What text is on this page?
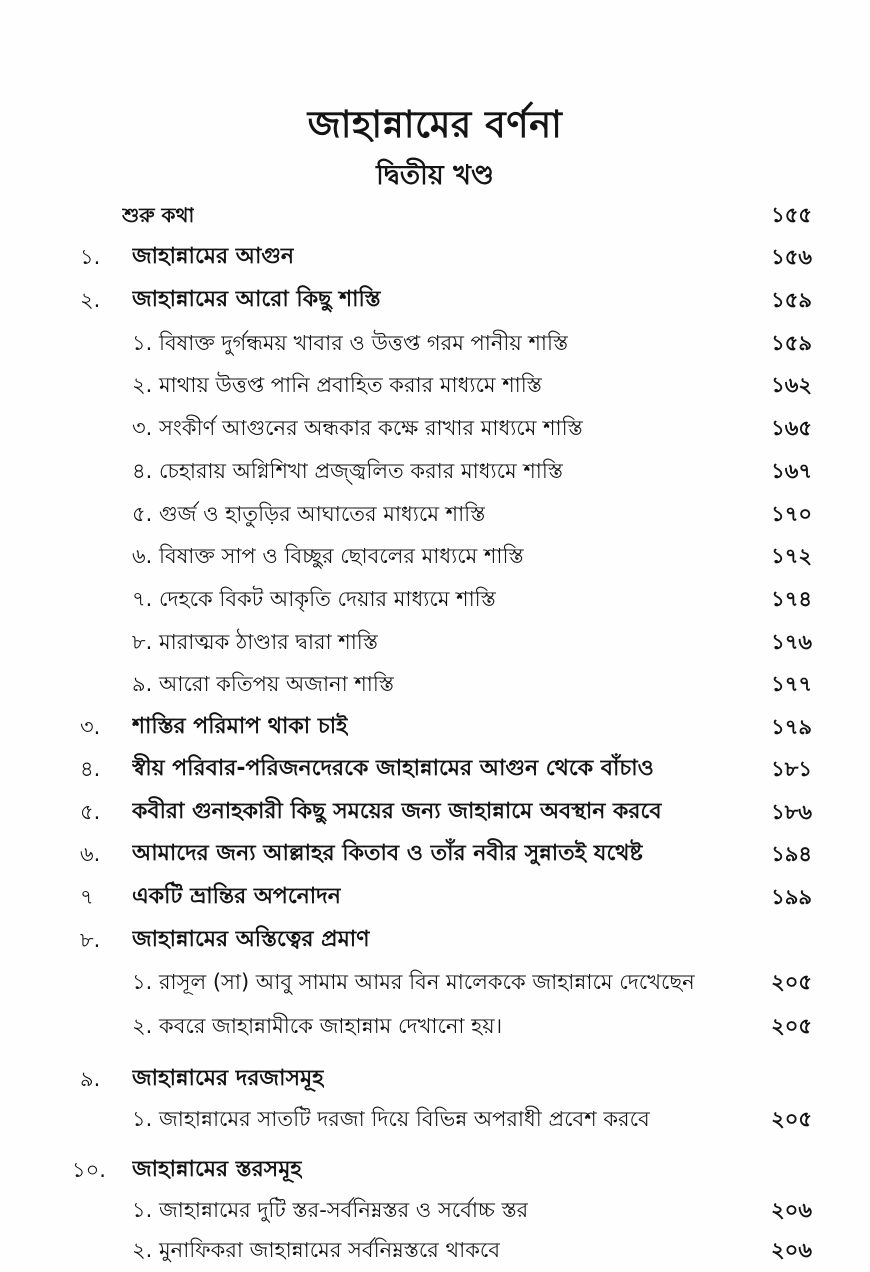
জাহান্নামের বর্ণনা
দ্বিতীয় খণ্ড
শুরু কথা	১৫৫
১. জাহান্নামের আগুন	১৫৬
২. জাহান্নামের আরো কিছু শাস্তি	১৫৯
১. বিষাক্ত দুর্গন্ধময় খাবার ও উত্তপ্ত গরম পানীয় শাস্তি	১৫৯
২. মাথায় উত্তপ্ত পানি প্রবাহিত করার মাধ্যমে শাস্তি	১৬২
৩. সংকীর্ণ আগুনের অন্ধকার কক্ষে রাখার মাধ্যমে শাস্তি	১৬৫
৪. চেহারায় অগ্নিশিখা প্রজ্জ্বলিত করার মাধ্যমে শাস্তি	১৬৭
৫. গুর্জ ও হাতুড়ির আঘাতের মাধ্যমে শাস্তি	১৭০
৬. বিষাক্ত সাপ ও বিচ্ছুর ছোবলের মাধ্যমে শাস্তি	১৭২
৭. দেহকে বিকট আকৃতি দেয়ার মাধ্যমে শাস্তি	১৭৪
৮. মারাত্মক ঠাণ্ডার দ্বারা শাস্তি	১৭৬
৯. আরো কতিপয় অজানা শাস্তি	১৭৭
৩. শাস্তির পরিমাপ থাকা চাই	১৭৯
৪. স্বীয় পরিবার-পরিজনদেরকে জাহান্নামের আগুন থেকে বাঁচাও	১৮১
৫. কবীরা গুনাহকারী কিছু সময়ের জন্য জাহান্নামে অবস্থান করবে	১৮৬
৬. আমাদের জন্য আল্লাহর কিতাব ও তাঁর নবীর সুন্নাতই যথেষ্ট	১৯৪
৭ একটি ভ্রান্তির অপনোদন	১৯৯
৮. জাহান্নামের অস্তিত্বের প্রমাণ
১. রাসূল (সা) আবু সামাম আমর বিন মালেককে জাহান্নামে দেখেছেন	২০৫
২. কবরে জাহান্নামীকে জাহান্নাম দেখানো হয়।	২০৫
৯. জাহান্নামের দরজাসমূহ
১. জাহান্নামের সাতটি দরজা দিয়ে বিভিন্ন অপরাধী প্রবেশ করবে	২০৫
১০. জাহান্নামের স্তরসমূহ
১. জাহান্নামের দুটি স্তর-সর্বনিম্নস্তর ও সর্বোচ্চ স্তর	২০৬
২. মুনাফিকরা জাহান্নামের সর্বনিম্নস্তরে থাকবে	২০৬
